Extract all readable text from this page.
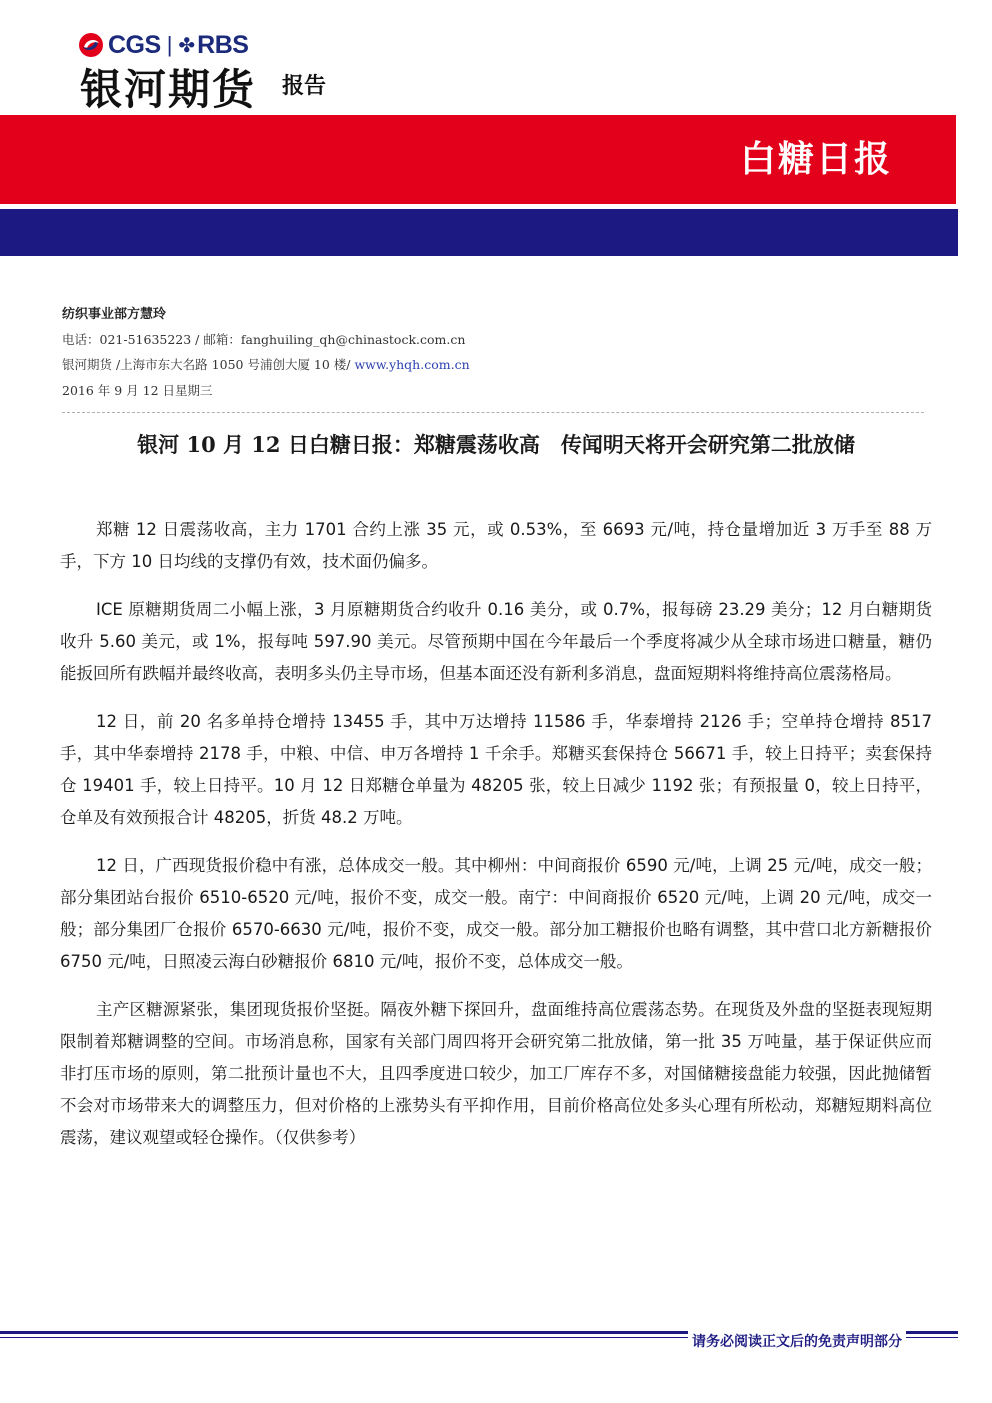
CGS | ✤ RBS
银河期货 报告
白糖日报
纺织事业部方慧玲
电话：021-51635223 / 邮箱：fanghuiling_qh@chinastock.com.cn
银河期货 /上海市东大名路 1050 号浦创大厦 10 楼/ www.yhqh.com.cn
2016 年 9 月 12 日星期三
银河 10 月 12 日白糖日报：郑糖震荡收高　传闻明天将开会研究第二批放储

郑糖 12 日震荡收高，主力 1701 合约上涨 35 元，或 0.53%，至 6693 元/吨，持仓量增加近 3 万手至 88 万手，下方 10 日均线的支撑仍有效，技术面仍偏多。

ICE 原糖期货周二小幅上涨，3 月原糖期货合约收升 0.16 美分，或 0.7%，报每磅 23.29 美分；12 月白糖期货收升 5.60 美元，或 1%，报每吨 597.90 美元。尽管预期中国在今年最后一个季度将减少从全球市场进口糖量，糖仍能扳回所有跌幅并最终收高，表明多头仍主导市场，但基本面还没有新利多消息，盘面短期料将维持高位震荡格局。

12 日，前 20 名多单持仓增持 13455 手，其中万达增持 11586 手，华泰增持 2126 手；空单持仓增持 8517 手，其中华泰增持 2178 手，中粮、中信、申万各增持 1 千余手。郑糖买套保持仓 56671 手，较上日持平；卖套保持仓 19401 手，较上日持平。10 月 12 日郑糖仓单量为 48205 张，较上日减少 1192 张；有预报量 0，较上日持平，仓单及有效预报合计 48205，折货 48.2 万吨。

12 日，广西现货报价稳中有涨，总体成交一般。其中柳州：中间商报价 6590 元/吨，上调 25 元/吨，成交一般；部分集团站台报价 6510-6520 元/吨，报价不变，成交一般。南宁：中间商报价 6520 元/吨，上调 20 元/吨，成交一般；部分集团厂仓报价 6570-6630 元/吨，报价不变，成交一般。部分加工糖报价也略有调整，其中营口北方新糖报价 6750 元/吨，日照凌云海白砂糖报价 6810 元/吨，报价不变，总体成交一般。

主产区糖源紧张，集团现货报价坚挺。隔夜外糖下探回升，盘面维持高位震荡态势。在现货及外盘的坚挺表现短期限制着郑糖调整的空间。市场消息称，国家有关部门周四将开会研究第二批放储，第一批 35 万吨量，基于保证供应而非打压市场的原则，第二批预计量也不大，且四季度进口较少，加工厂库存不多，对国储糖接盘能力较强，因此抛储暂不会对市场带来大的调整压力，但对价格的上涨势头有平抑作用，目前价格高位处多头心理有所松动，郑糖短期料高位震荡，建议观望或轻仓操作。（仅供参考）

请务必阅读正文后的免责声明部分
